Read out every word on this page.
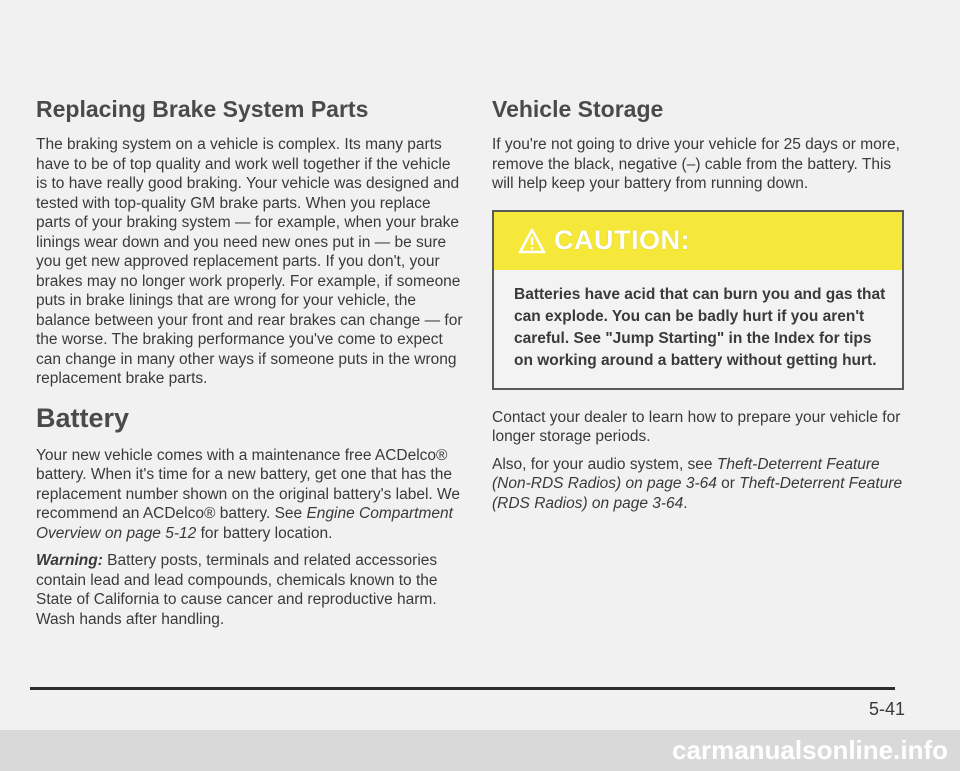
Replacing Brake System Parts

The braking system on a vehicle is complex. Its many parts have to be of top quality and work well together if the vehicle is to have really good braking. Your vehicle was designed and tested with top-quality GM brake parts. When you replace parts of your braking system — for example, when your brake linings wear down and you need new ones put in — be sure you get new approved replacement parts. If you don't, your brakes may no longer work properly. For example, if someone puts in brake linings that are wrong for your vehicle, the balance between your front and rear brakes can change — for the worse. The braking performance you've come to expect can change in many other ways if someone puts in the wrong replacement brake parts.

Battery

Your new vehicle comes with a maintenance free ACDelco® battery. When it's time for a new battery, get one that has the replacement number shown on the original battery's label. We recommend an ACDelco® battery. See Engine Compartment Overview on page 5-12 for battery location.

Warning: Battery posts, terminals and related accessories contain lead and lead compounds, chemicals known to the State of California to cause cancer and reproductive harm. Wash hands after handling.

Vehicle Storage

If you're not going to drive your vehicle for 25 days or more, remove the black, negative (–) cable from the battery. This will help keep your battery from running down.

CAUTION:
Batteries have acid that can burn you and gas that can explode. You can be badly hurt if you aren't careful. See "Jump Starting" in the Index for tips on working around a battery without getting hurt.

Contact your dealer to learn how to prepare your vehicle for longer storage periods.

Also, for your audio system, see Theft-Deterrent Feature (Non-RDS Radios) on page 3-64 or Theft-Deterrent Feature (RDS Radios) on page 3-64.

5-41
carmanualsonline.info
